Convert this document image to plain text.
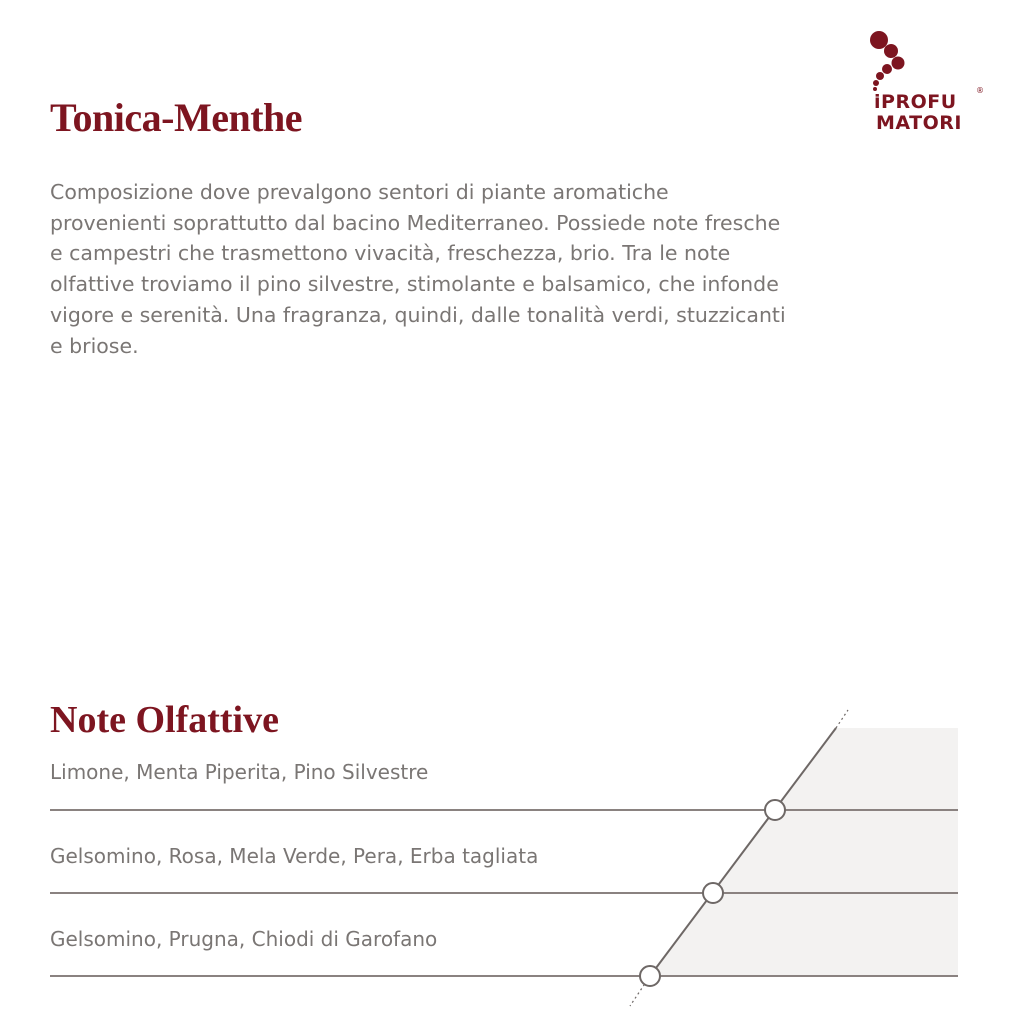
iPROFU
MATORI
®
Tonica-Menthe

Composizione dove prevalgono sentori di piante aromatiche provenienti soprattutto dal bacino Mediterraneo. Possiede note fresche e campestri che trasmettono vivacità, freschezza, brio. Tra le note olfattive troviamo il pino silvestre, stimolante e balsamico, che infonde vigore e serenità. Una fragranza, quindi, dalle tonalità verdi, stuzzicanti e briose.

Note Olfattive
Limone, Menta Piperita, Pino Silvestre
Gelsomino, Rosa, Mela Verde, Pera, Erba tagliata
Gelsomino, Prugna, Chiodi di Garofano
